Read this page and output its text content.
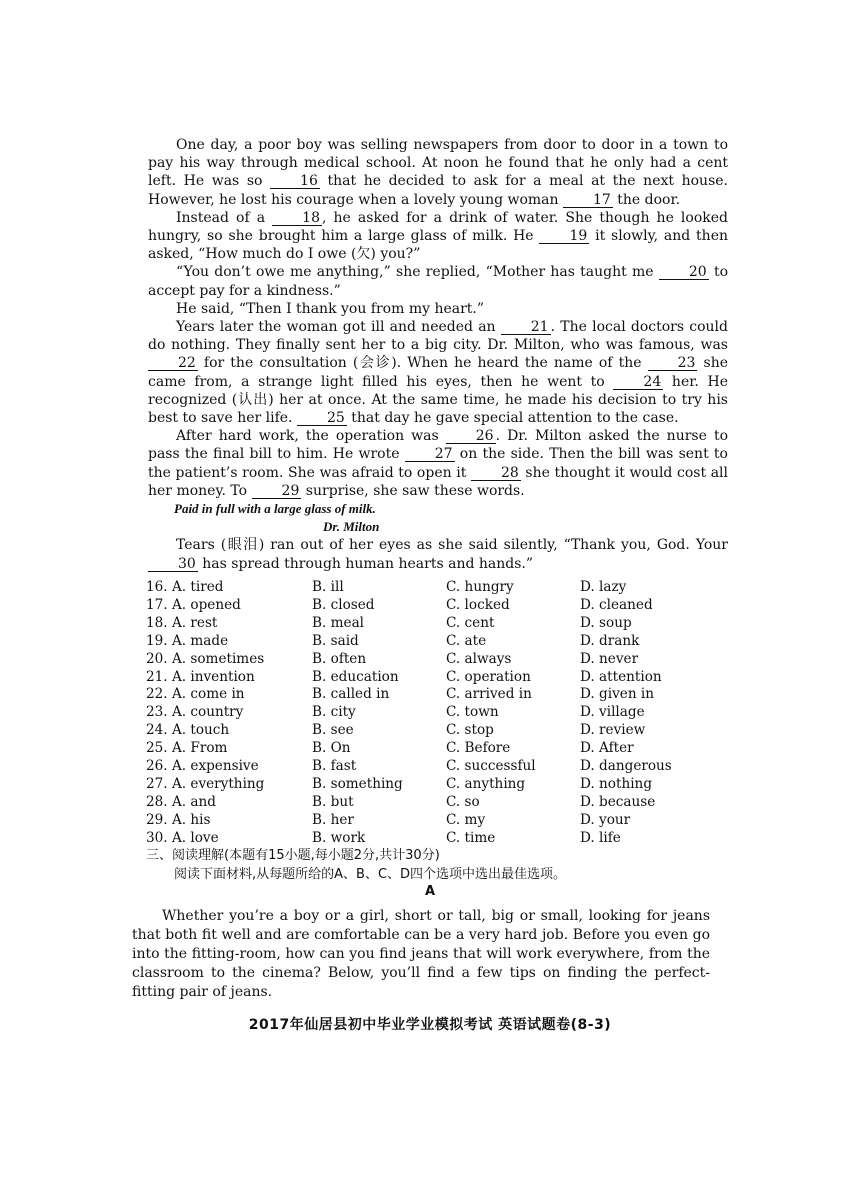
One day, a poor boy was selling newspapers from door to door in a town to pay his way through medical school. At noon he found that he only had a cent left. He was so 16 that he decided to ask for a meal at the next house. However, he lost his courage when a lovely young woman 17 the door.

Instead of a 18 , he asked for a drink of water. She though he looked hungry, so she brought him a large glass of milk. He 19 it slowly, and then asked, “How much do I owe (欠) you?”

“You don’t owe me anything,” she replied, “Mother has taught me 20 to accept pay for a kindness.”

He said, “Then I thank you from my heart.”

Years later the woman got ill and needed an 21 . The local doctors could do nothing. They finally sent her to a big city. Dr. Milton, who was famous, was 22 for the consultation (会诊). When he heard the name of the 23 she came from, a strange light filled his eyes, then he went to 24 her. He recognized (认出) her at once. At the same time, he made his decision to try his best to save her life. 25 that day he gave special attention to the case.

After hard work, the operation was 26 . Dr. Milton asked the nurse to pass the final bill to him. He wrote 27 on the side. Then the bill was sent to the patient’s room. She was afraid to open it 28 she thought it would cost all her money. To 29 surprise, she saw these words.

Paid in full with a large glass of milk.

Dr. Milton

Tears (眼泪) ran out of her eyes as she said silently, “Thank you, God. Your 30 has spread through human hearts and hands.”

16. A. tired	B. ill	C. hungry	D. lazy
17. A. opened	B. closed	C. locked	D. cleaned
18. A. rest	B. meal	C. cent	D. soup
19. A. made	B. said	C. ate	D. drank
20. A. sometimes	B. often	C. always	D. never
21. A. invention	B. education	C. operation	D. attention
22. A. come in	B. called in	C. arrived in	D. given in
23. A. country	B. city	C. town	D. village
24. A. touch	B. see	C. stop	D. review
25. A. From	B. On	C. Before	D. After
26. A. expensive	B. fast	C. successful	D. dangerous
27. A. everything	B. something	C. anything	D. nothing
28. A. and	B. but	C. so	D. because
29. A. his	B. her	C. my	D. your
30. A. love	B. work	C. time	D. life
三、阅读理解(本题有15小题,每小题2分,共计30分)
阅读下面材料,从每题所给的A、B、C、D四个选项中选出最佳选项。
A

Whether you’re a boy or a girl, short or tall, big or small, looking for jeans that both fit well and are comfortable can be a very hard job. Before you even go into the fitting-room, how can you find jeans that will work everywhere, from the classroom to the cinema? Below, you’ll find a few tips on finding the perfect-fitting pair of jeans.

2017年仙居县初中毕业学业模拟考试 英语试题卷(8-3)
